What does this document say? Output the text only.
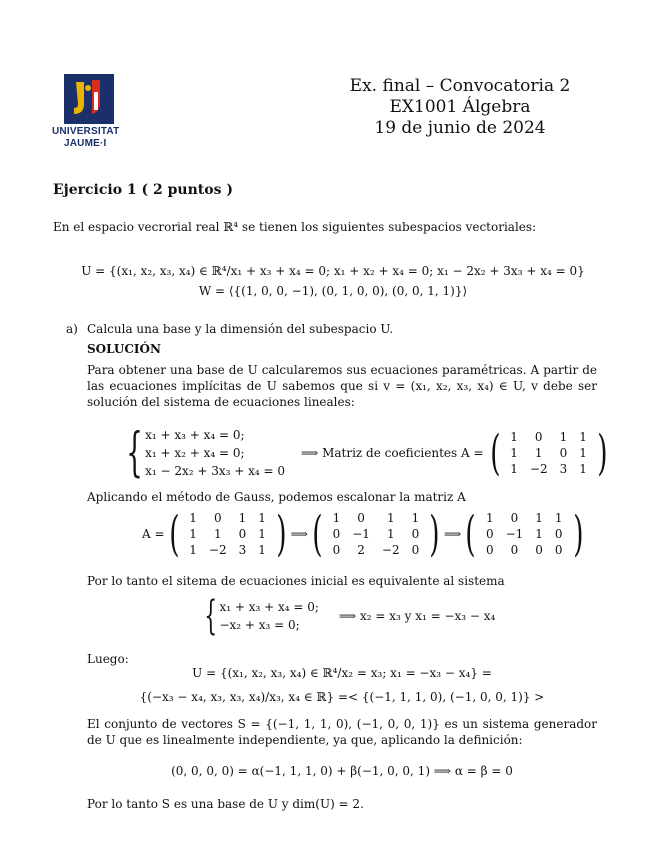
UNIVERSITAT
JAUME·I
Ex. final – Convocatoria 2
EX1001 Álgebra
19 de junio de 2024
Ejercicio 1 ( 2 puntos )

En el espacio vecrorial real ℝ⁴ se tienen los siguientes subespacios vectoriales:

U = {(x₁, x₂, x₃, x₄) ∈ ℝ⁴/x₁ + x₃ + x₄ = 0; x₁ + x₂ + x₄ = 0; x₁ − 2x₂ + 3x₃ + x₄ = 0}
W = ⟨{(1, 0, 0, −1), (0, 1, 0, 0), (0, 0, 1, 1)}⟩
a) Calcula una base y la dimensión del subespacio U.
SOLUCIÓN

Para obtener una base de U calcularemos sus ecuaciones paramétricas. A partir de las ecuaciones implícitas de U sabemos que si v = (x₁, x₂, x₃, x₄) ∈ U, v debe ser solución del sistema de ecuaciones lineales:

{ x₁ + x₃ + x₄ = 0;
x₁ + x₂ + x₄ = 0;
x₁ − 2x₂ + 3x₃ + x₄ = 0
⟹ Matriz de coeficientes A = ( 1	0	1	1
1	1	0	1
1	−2	3	1 )
Aplicando el método de Gauss, podemos escalonar la matriz A
A = ( 1	0	1	1
1	1	0	1
1	−2	3	1 ) ⟹ ( 1	0	1	1
0	−1	1	0
0	2	−2	0 ) ⟹ ( 1	0	1	1
0	−1	1	0
0	0	0	0 )
Por lo tanto el sitema de ecuaciones inicial es equivalente al sistema
{ x₁ + x₃ + x₄ = 0;
−x₂ + x₃ = 0;
⟹ x₂ = x₃ y x₁ = −x₃ − x₄
Luego:
U = {(x₁, x₂, x₃, x₄) ∈ ℝ⁴/x₂ = x₃; x₁ = −x₃ − x₄} =
{(−x₃ − x₄, x₃, x₃, x₄)/x₃, x₄ ∈ ℝ} =< {(−1, 1, 1, 0), (−1, 0, 0, 1)} >

El conjunto de vectores S = {(−1, 1, 1, 0), (−1, 0, 0, 1)} es un sistema generador de U que es linealmente independiente, ya que, aplicando la definición:

(0, 0, 0, 0) = α(−1, 1, 1, 0) + β(−1, 0, 0, 1) ⟹ α = β = 0
Por lo tanto S es una base de U y dim(U) = 2.
